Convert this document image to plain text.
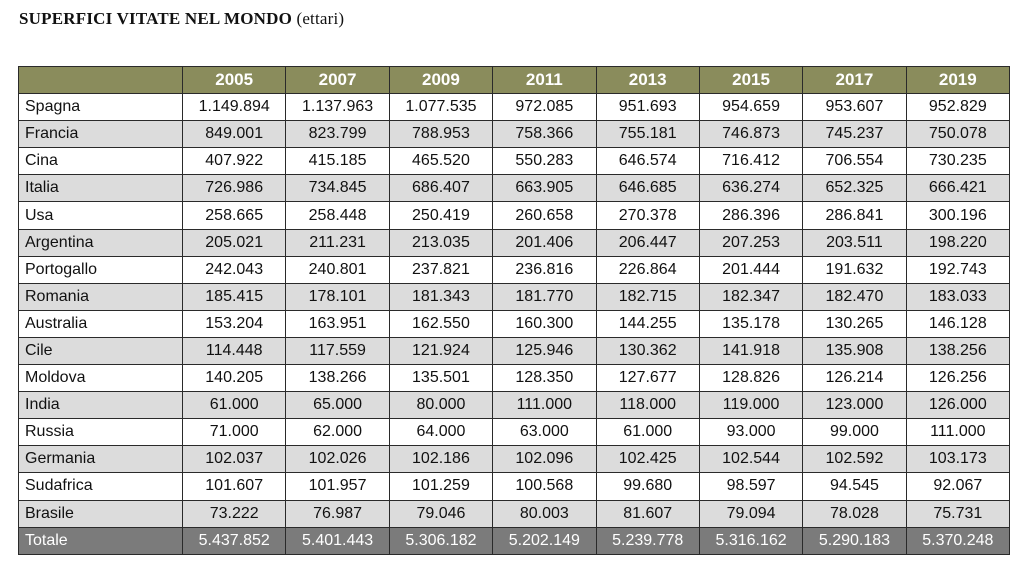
SUPERFICI VITATE NEL MONDO (ettari)
	2005	2007	2009	2011	2013	2015	2017	2019
Spagna	1.149.894	1.137.963	1.077.535	972.085	951.693	954.659	953.607	952.829
Francia	849.001	823.799	788.953	758.366	755.181	746.873	745.237	750.078
Cina	407.922	415.185	465.520	550.283	646.574	716.412	706.554	730.235
Italia	726.986	734.845	686.407	663.905	646.685	636.274	652.325	666.421
Usa	258.665	258.448	250.419	260.658	270.378	286.396	286.841	300.196
Argentina	205.021	211.231	213.035	201.406	206.447	207.253	203.511	198.220
Portogallo	242.043	240.801	237.821	236.816	226.864	201.444	191.632	192.743
Romania	185.415	178.101	181.343	181.770	182.715	182.347	182.470	183.033
Australia	153.204	163.951	162.550	160.300	144.255	135.178	130.265	146.128
Cile	114.448	117.559	121.924	125.946	130.362	141.918	135.908	138.256
Moldova	140.205	138.266	135.501	128.350	127.677	128.826	126.214	126.256
India	61.000	65.000	80.000	111.000	118.000	119.000	123.000	126.000
Russia	71.000	62.000	64.000	63.000	61.000	93.000	99.000	111.000
Germania	102.037	102.026	102.186	102.096	102.425	102.544	102.592	103.173
Sudafrica	101.607	101.957	101.259	100.568	99.680	98.597	94.545	92.067
Brasile	73.222	76.987	79.046	80.003	81.607	79.094	78.028	75.731
Totale	5.437.852	5.401.443	5.306.182	5.202.149	5.239.778	5.316.162	5.290.183	5.370.248
